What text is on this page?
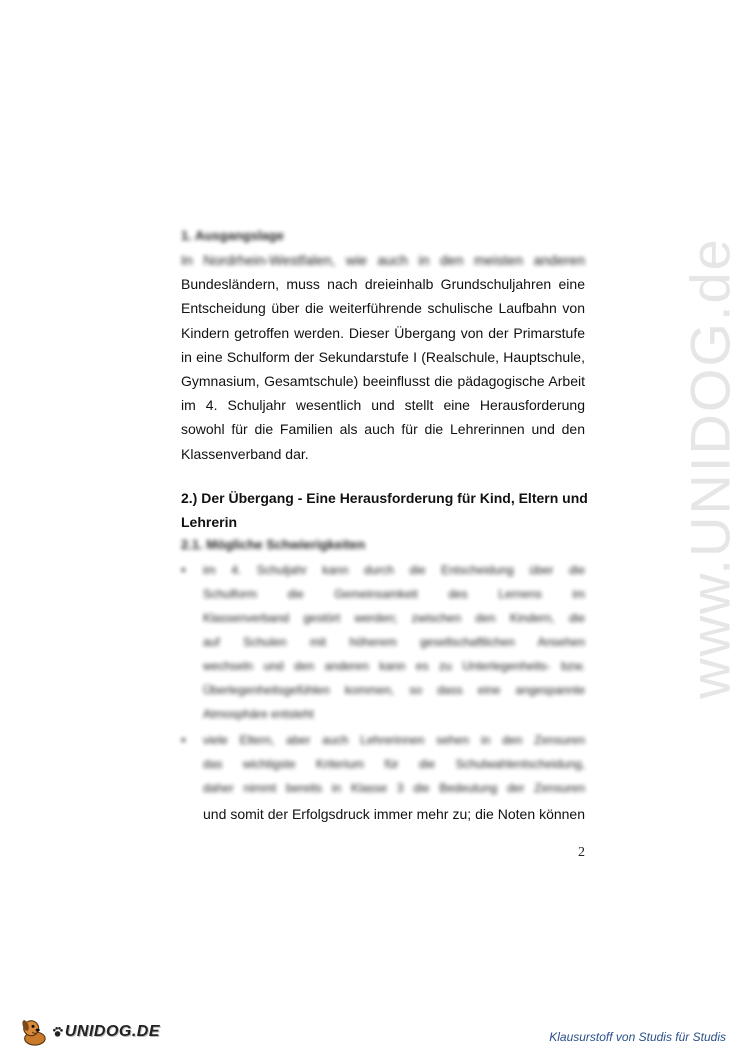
www.UNIDOG.de
1. Ausgangslage
In Nordrhein-Westfalen, wie auch in den meisten anderen
Bundesländern, muss nach dreieinhalb Grundschuljahren eine
Entscheidung über die weiterführende schulische Laufbahn von
Kindern getroffen werden. Dieser Übergang von der Primarstufe
in eine Schulform der Sekundarstufe I (Realschule, Hauptschule,
Gymnasium, Gesamtschule) beeinflusst die pädagogische Arbeit
im 4. Schuljahr wesentlich und stellt eine Herausforderung
sowohl für die Familien als auch für die Lehrerinnen und den
Klassenverband dar.
2.) Der Übergang - Eine Herausforderung für Kind, Eltern und
Lehrerin
2.1. Mögliche Schwierigkeiten
▪ im 4. Schuljahr kann durch die Entscheidung über die
Schulform die Gemeinsamkeit des Lernens im
Klassenverband gestört werden; zwischen den Kindern, die
auf Schulen mit höherem gesellschaftlichen Ansehen
wechseln und den anderen kann es zu Unterlegenheits- bzw.
Überlegenheitsgefühlen kommen, so dass eine angespannte
Atmosphäre entsteht
▪ viele Eltern, aber auch Lehrerinnen sehen in den Zensuren
das wichtigste Kriterium für die Schulwahlentscheidung,
daher nimmt bereits in Klasse 3 die Bedeutung der Zensuren
und somit der Erfolgsdruck immer mehr zu; die Noten können
2
UNIDOG.DE	Klausurstoff von Studis für Studis
